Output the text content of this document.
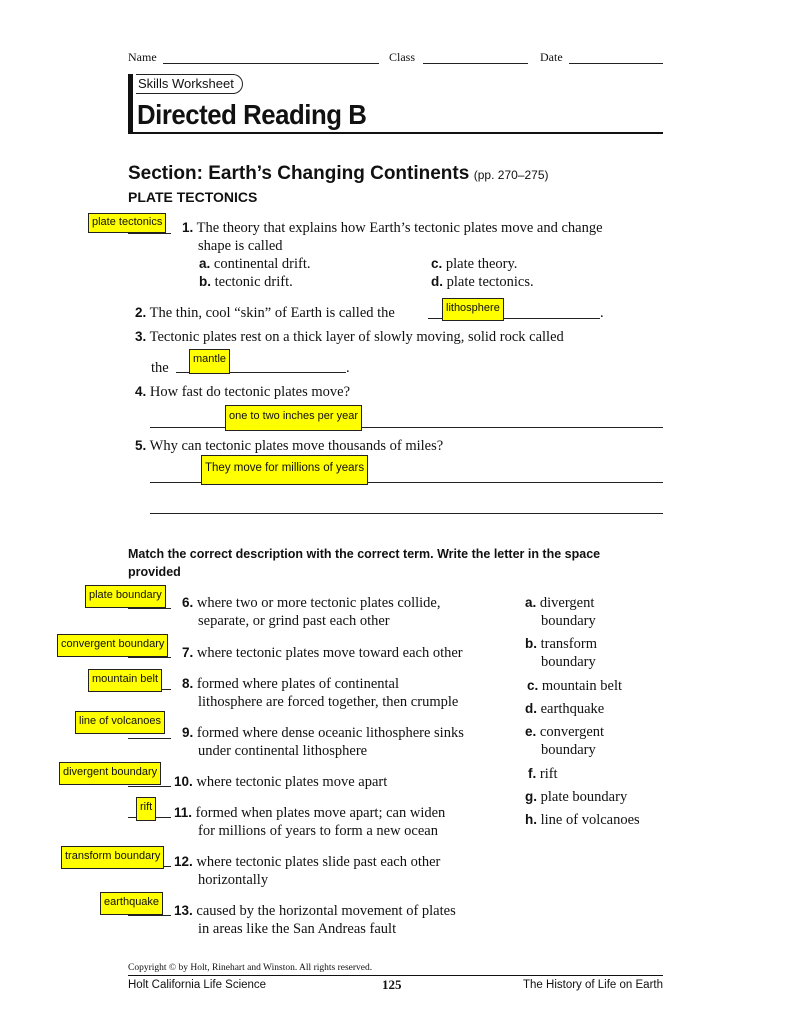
Name	Class	Date
Skills Worksheet
Directed Reading B
Section: Earth’s Changing Continents (pp. 270–275)
PLATE TECTONICS
plate tectonics 1. The theory that explains how Earth’s tectonic plates move and change
shape is called
a. continental drift.
b. tectonic drift.
c. plate theory.
d. plate tectonics.
2. The thin, cool “skin” of Earth is called the	.
lithosphere
3. Tectonic plates rest on a thick layer of slowly moving, solid rock called
the	.
mantle
4. How fast do tectonic plates move?
one to two inches per year
5. Why can tectonic plates move thousands of miles?
They move for millions of years
Match the correct description with the correct term. Write the letter in the space
provided
plate boundary 6. where two or more tectonic plates collide,
separate, or grind past each other
convergent boundary
7. where tectonic plates move toward each other
mountain belt 8. formed where plates of continental
lithosphere are forced together, then crumple
line of volcanoes
9. formed where dense oceanic lithosphere sinks
under continental lithosphere
divergent boundary
10. where tectonic plates move apart
rift 11. formed when plates move apart; can widen
for millions of years to form a new ocean
transform boundary 12. where tectonic plates slide past each other
horizontally
earthquake
13. caused by the horizontal movement of plates
in areas like the San Andreas fault
a. divergent
boundary
b. transform
boundary
c. mountain belt
d. earthquake
e. convergent
boundary
f. rift
g. plate boundary
h. line of volcanoes
Copyright © by Holt, Rinehart and Winston. All rights reserved.
Holt California Life Science	125	The History of Life on Earth
